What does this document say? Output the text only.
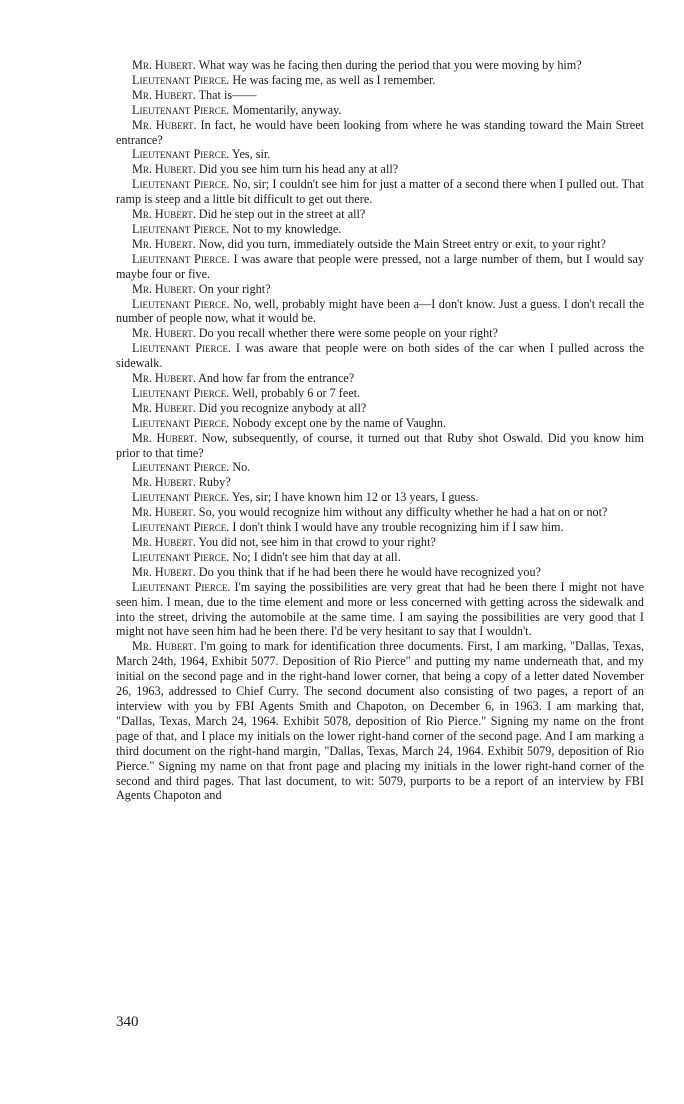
Mr. Hubert. What way was he facing then during the period that you were moving by him?

Lieutenant Pierce. He was facing me, as well as I remember.

Mr. Hubert. That is——

Lieutenant Pierce. Momentarily, anyway.

Mr. Hubert. In fact, he would have been looking from where he was standing toward the Main Street entrance?

Lieutenant Pierce. Yes, sir.

Mr. Hubert. Did you see him turn his head any at all?

Lieutenant Pierce. No, sir; I couldn't see him for just a matter of a second there when I pulled out. That ramp is steep and a little bit difficult to get out there.

Mr. Hubert. Did he step out in the street at all?

Lieutenant Pierce. Not to my knowledge.

Mr. Hubert. Now, did you turn, immediately outside the Main Street entry or exit, to your right?

Lieutenant Pierce. I was aware that people were pressed, not a large number of them, but I would say maybe four or five.

Mr. Hubert. On your right?

Lieutenant Pierce. No, well, probably might have been a—I don't know. Just a guess. I don't recall the number of people now, what it would be.

Mr. Hubert. Do you recall whether there were some people on your right?

Lieutenant Pierce. I was aware that people were on both sides of the car when I pulled across the sidewalk.

Mr. Hubert. And how far from the entrance?

Lieutenant Pierce. Well, probably 6 or 7 feet.

Mr. Hubert. Did you recognize anybody at all?

Lieutenant Pierce. Nobody except one by the name of Vaughn.

Mr. Hubert. Now, subsequently, of course, it turned out that Ruby shot Oswald. Did you know him prior to that time?

Lieutenant Pierce. No.

Mr. Hubert. Ruby?

Lieutenant Pierce. Yes, sir; I have known him 12 or 13 years, I guess.

Mr. Hubert. So, you would recognize him without any difficulty whether he had a hat on or not?

Lieutenant Pierce. I don't think I would have any trouble recognizing him if I saw him.

Mr. Hubert. You did not, see him in that crowd to your right?

Lieutenant Pierce. No; I didn't see him that day at all.

Mr. Hubert. Do you think that if he had been there he would have recognized you?

Lieutenant Pierce. I'm saying the possibilities are very great that had he been there I might not have seen him. I mean, due to the time element and more or less concerned with getting across the sidewalk and into the street, driving the automobile at the same time. I am saying the possibilities are very good that I might not have seen him had he been there. I'd be very hesitant to say that I wouldn't.

Mr. Hubert. I'm going to mark for identification three documents. First, I am marking, "Dallas, Texas, March 24th, 1964, Exhibit 5077. Deposition of Rio Pierce" and putting my name underneath that, and my initial on the second page and in the right-hand lower corner, that being a copy of a letter dated November 26, 1963, addressed to Chief Curry. The second document also consisting of two pages, a report of an interview with you by FBI Agents Smith and Chapoton, on December 6, in 1963. I am marking that, "Dallas, Texas, March 24, 1964. Exhibit 5078, deposition of Rio Pierce." Signing my name on the front page of that, and I place my initials on the lower right-hand corner of the second page. And I am marking a third document on the right-hand margin, "Dallas, Texas, March 24, 1964. Exhibit 5079, deposition of Rio Pierce." Signing my name on that front page and placing my initials in the lower right-hand corner of the second and third pages. That last document, to wit: 5079, purports to be a report of an interview by FBI Agents Chapoton and

340
